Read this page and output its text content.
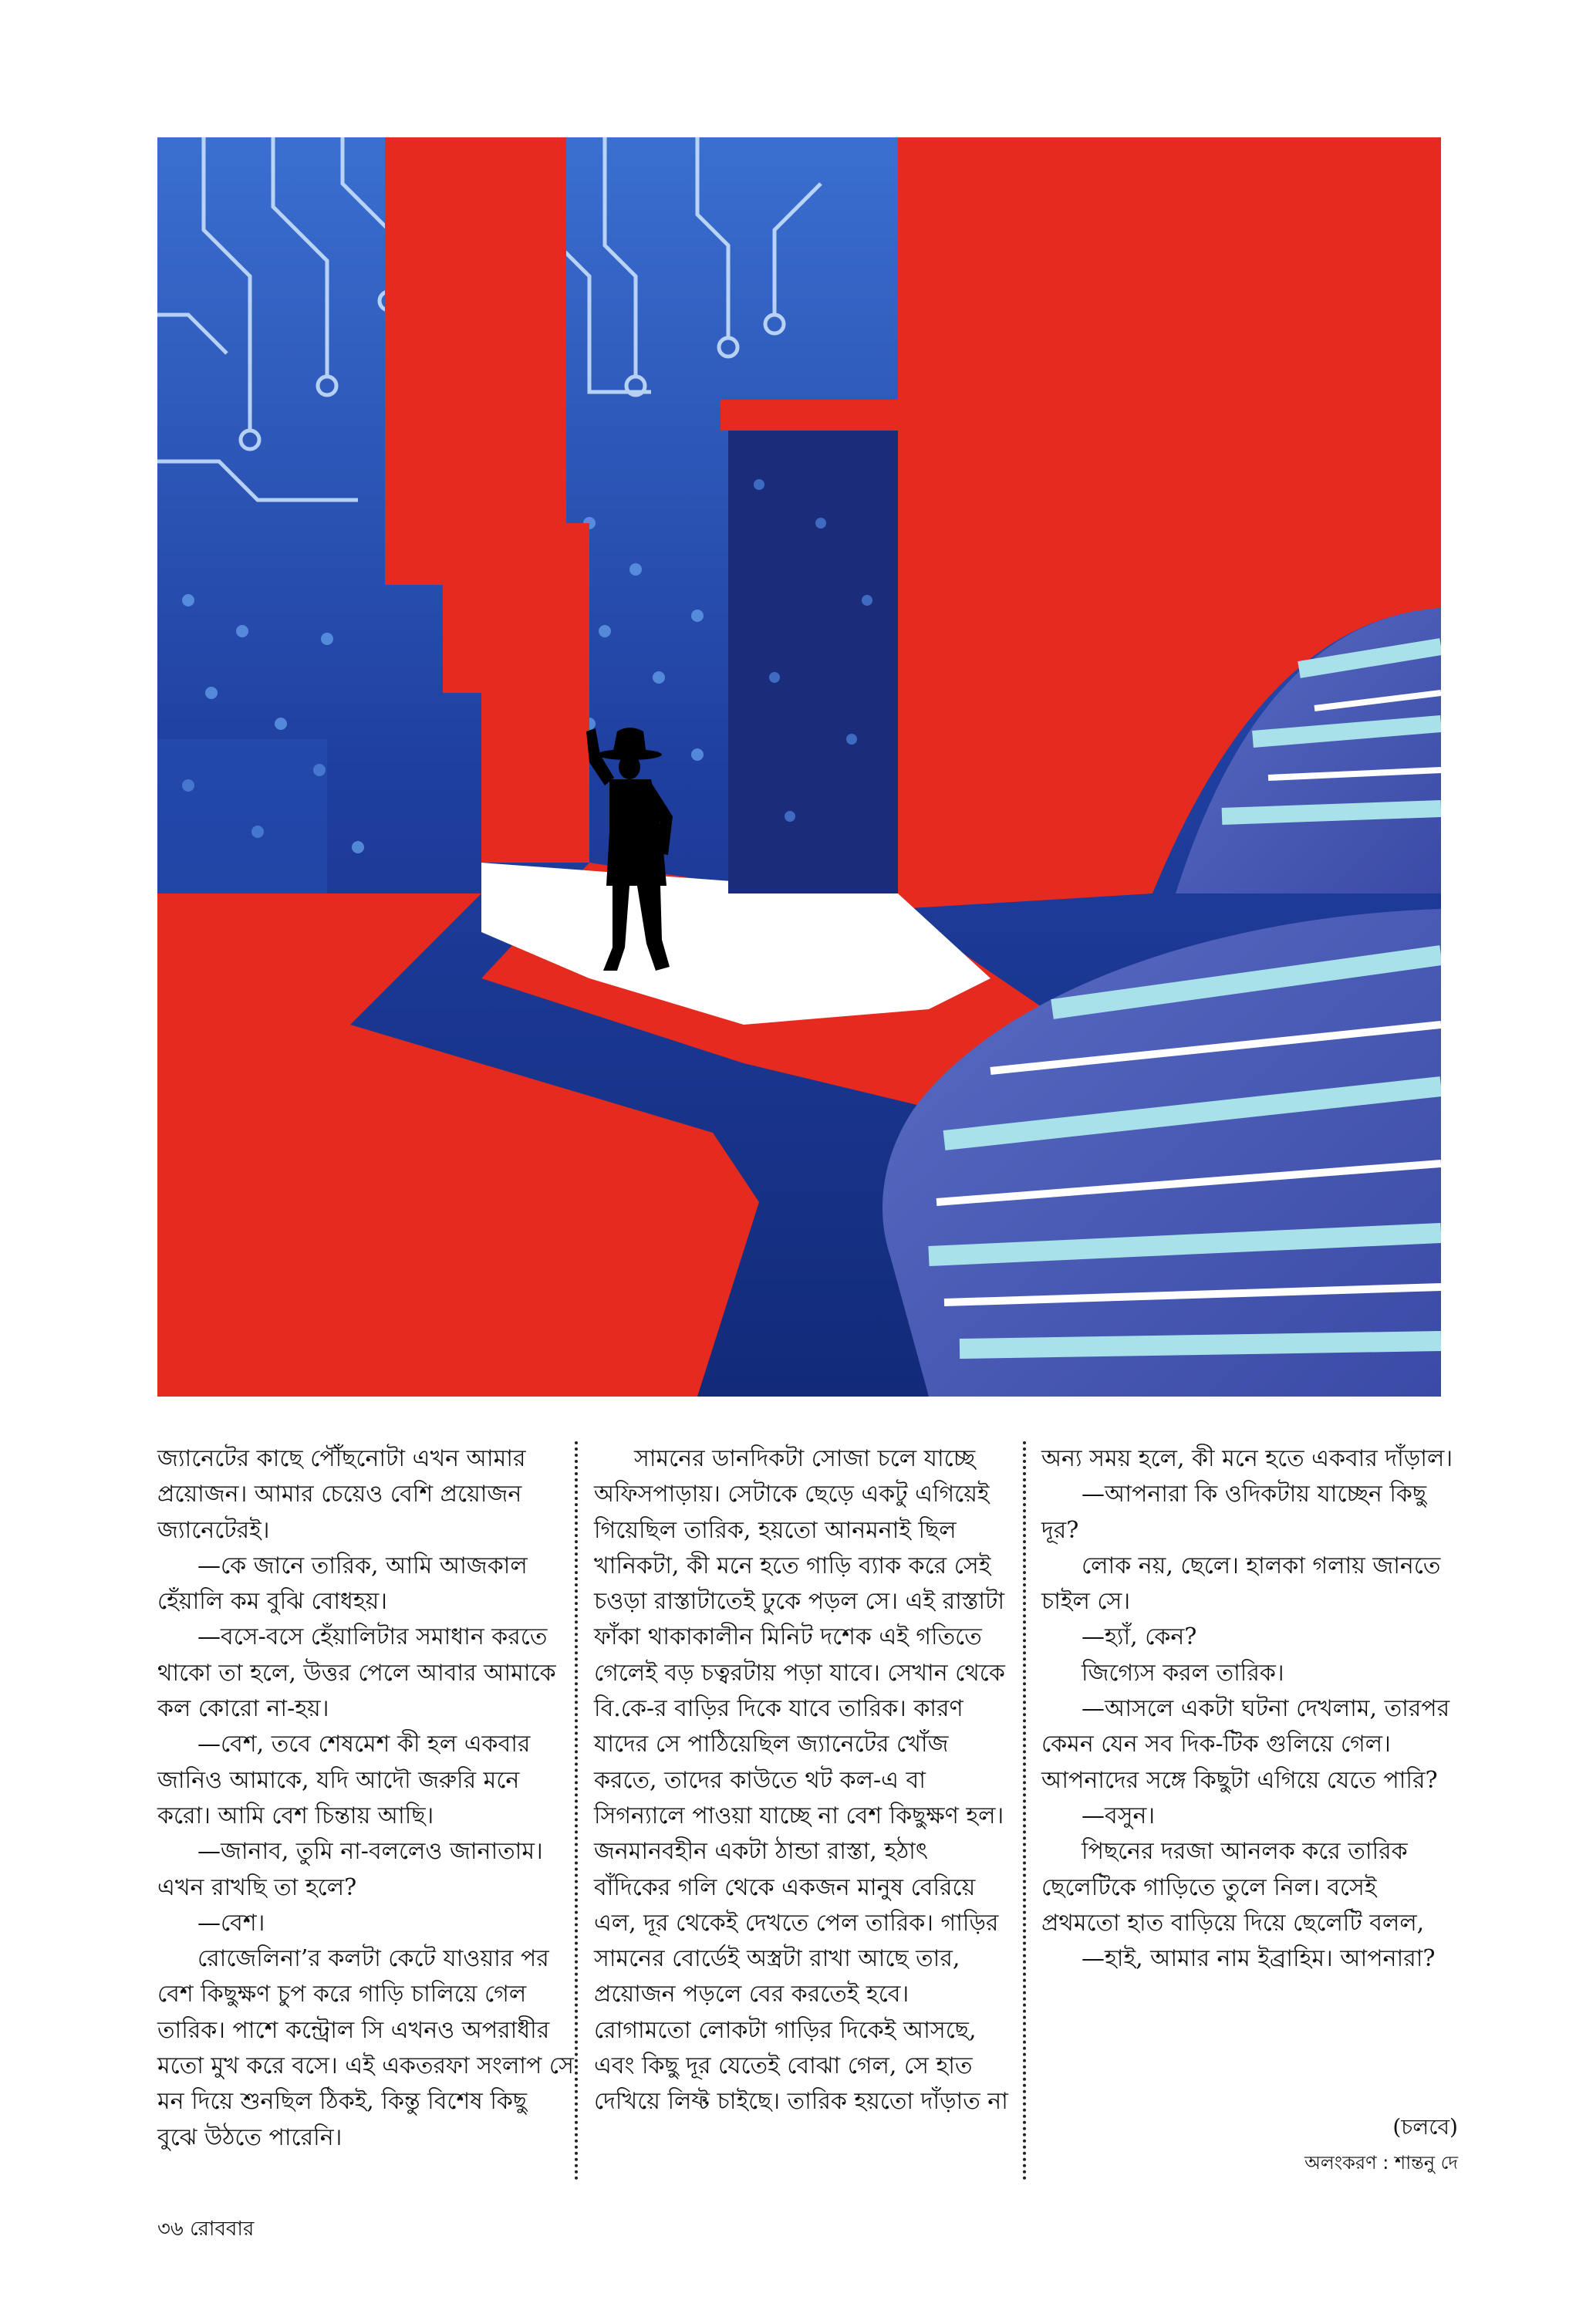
জ্যানেটের কাছে পৌঁছনোটা এখন আমার প্রয়োজন। আমার চেয়েও বেশি প্রয়োজন জ্যানেটেরই।

—কে জানে তারিক, আমি আজকাল হেঁয়ালি কম বুঝি বোধহয়।

—বসে-বসে হেঁয়ালিটার সমাধান করতে থাকো তা হলে, উত্তর পেলে আবার আমাকে কল কোরো না-হয়।

—বেশ, তবে শেষমেশ কী হল একবার জানিও আমাকে, যদি আদৌ জরুরি মনে করো। আমি বেশ চিন্তায় আছি।

—জানাব, তুমি না-বললেও জানাতাম। এখন রাখছি তা হলে?

—বেশ।

রোজেলিনা’র কলটা কেটে যাওয়ার পর বেশ কিছুক্ষণ চুপ করে গাড়ি চালিয়ে গেল তারিক। পাশে কন্ট্রোল সি এখনও অপরাধীর মতো মুখ করে বসে। এই একতরফা সংলাপ সে মন দিয়ে শুনছিল ঠিকই, কিন্তু বিশেষ কিছু বুঝে উঠতে পারেনি।

সামনের ডানদিকটা সোজা চলে যাচ্ছে অফিসপাড়ায়। সেটাকে ছেড়ে একটু এগিয়েই গিয়েছিল তারিক, হয়তো আনমনাই ছিল খানিকটা, কী মনে হতে গাড়ি ব্যাক করে সেই চওড়া রাস্তাটাতেই ঢুকে পড়ল সে। এই রাস্তাটা ফাঁকা থাকাকালীন মিনিট দশেক এই গতিতে গেলেই বড় চত্বরটায় পড়া যাবে। সেখান থেকে বি.কে-র বাড়ির দিকে যাবে তারিক। কারণ যাদের সে পাঠিয়েছিল জ্যানেটের খোঁজ করতে, তাদের কাউতে থট কল-এ বা সিগন্যালে পাওয়া যাচ্ছে না বেশ কিছুক্ষণ হল। জনমানবহীন একটা ঠান্ডা রাস্তা, হঠাৎ বাঁদিকের গলি থেকে একজন মানুষ বেরিয়ে এল, দূর থেকেই দেখতে পেল তারিক। গাড়ির সামনের বোর্ডেই অস্ত্রটা রাখা আছে তার, প্রয়োজন পড়লে বের করতেই হবে। রোগামতো লোকটা গাড়ির দিকেই আসছে, এবং কিছু দূর যেতেই বোঝা গেল, সে হাত দেখিয়ে লিফ্ট চাইছে। তারিক হয়তো দাঁড়াত না

অন্য সময় হলে, কী মনে হতে একবার দাঁড়াল।

—আপনারা কি ওদিকটায় যাচ্ছেন কিছু দূর?

লোক নয়, ছেলে। হালকা গলায় জানতে চাইল সে।

—হ্যাঁ, কেন?

জিগ্যেস করল তারিক।

—আসলে একটা ঘটনা দেখলাম, তারপর কেমন যেন সব দিক-টিক গুলিয়ে গেল। আপনাদের সঙ্গে কিছুটা এগিয়ে যেতে পারি?

—বসুন।

পিছনের দরজা আনলক করে তারিক ছেলেটিকে গাড়িতে তুলে নিল। বসেই প্রথমতো হাত বাড়িয়ে দিয়ে ছেলেটি বলল,

—হাই, আমার নাম ইব্রাহিম। আপনারা?

(চলবে)
অলংকরণ : শান্তনু দে
৩৬ রোববার
